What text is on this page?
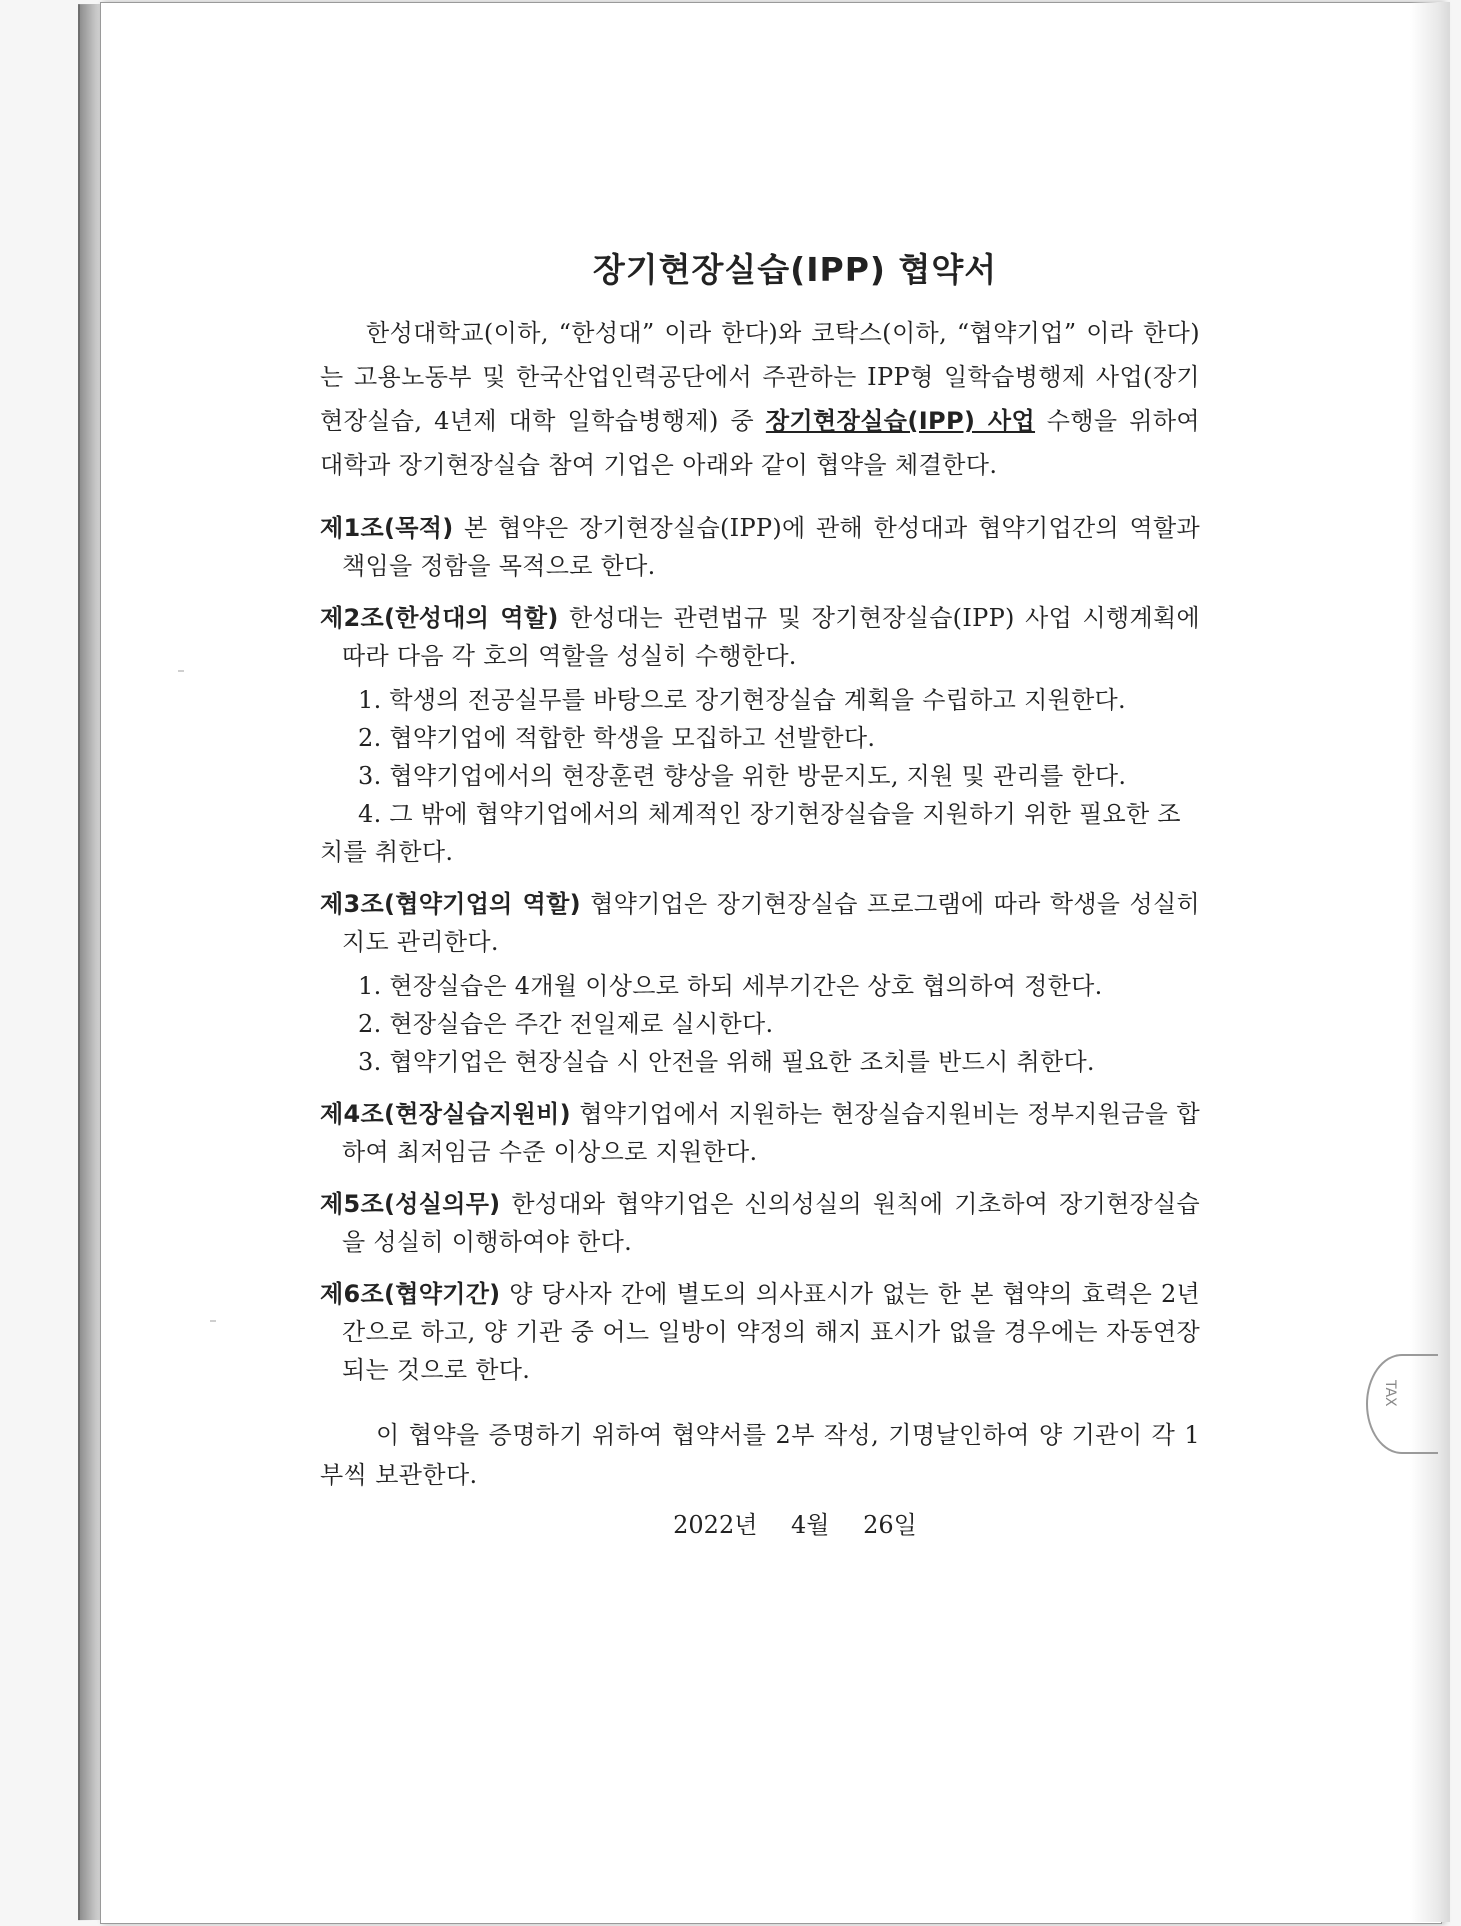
TAX
장기현장실습(IPP) 협약서

한성대학교(이하, “한성대” 이라 한다)와 코탁스(이하, “협약기업” 이라 한다)는 고용노동부 및 한국산업인력공단에서 주관하는 IPP형 일학습병행제 사업(장기현장실습, 4년제 대학 일학습병행제) 중 장기현장실습(IPP) 사업 수행을 위하여 대학과 장기현장실습 참여 기업은 아래와 같이 협약을 체결한다.

제1조(목적) 본 협약은 장기현장실습(IPP)에 관해 한성대과 협약기업간의 역할과 책임을 정함을 목적으로 한다.

제2조(한성대의 역할) 한성대는 관련법규 및 장기현장실습(IPP) 사업 시행계획에 따라 다음 각 호의 역할을 성실히 수행한다.

1. 학생의 전공실무를 바탕으로 장기현장실습 계획을 수립하고 지원한다.
2. 협약기업에 적합한 학생을 모집하고 선발한다.
3. 협약기업에서의 현장훈련 향상을 위한 방문지도, 지원 및 관리를 한다.
4. 그 밖에 협약기업에서의 체계적인 장기현장실습을 지원하기 위한 필요한 조치를 취한다.

제3조(협약기업의 역할) 협약기업은 장기현장실습 프로그램에 따라 학생을 성실히 지도 관리한다.

1. 현장실습은 4개월 이상으로 하되 세부기간은 상호 협의하여 정한다.
2. 현장실습은 주간 전일제로 실시한다.
3. 협약기업은 현장실습 시 안전을 위해 필요한 조치를 반드시 취한다.

제4조(현장실습지원비) 협약기업에서 지원하는 현장실습지원비는 정부지원금을 합하여 최저임금 수준 이상으로 지원한다.

제5조(성실의무) 한성대와 협약기업은 신의성실의 원칙에 기초하여 장기현장실습을 성실히 이행하여야 한다.

제6조(협약기간) 양 당사자 간에 별도의 의사표시가 없는 한 본 협약의 효력은 2년간으로 하고, 양 기관 중 어느 일방이 약정의 해지 표시가 없을 경우에는 자동연장 되는 것으로 한다.

이 협약을 증명하기 위하여 협약서를 2부 작성, 기명날인하여 양 기관이 각 1부씩 보관한다.

2022년 4월 26일
